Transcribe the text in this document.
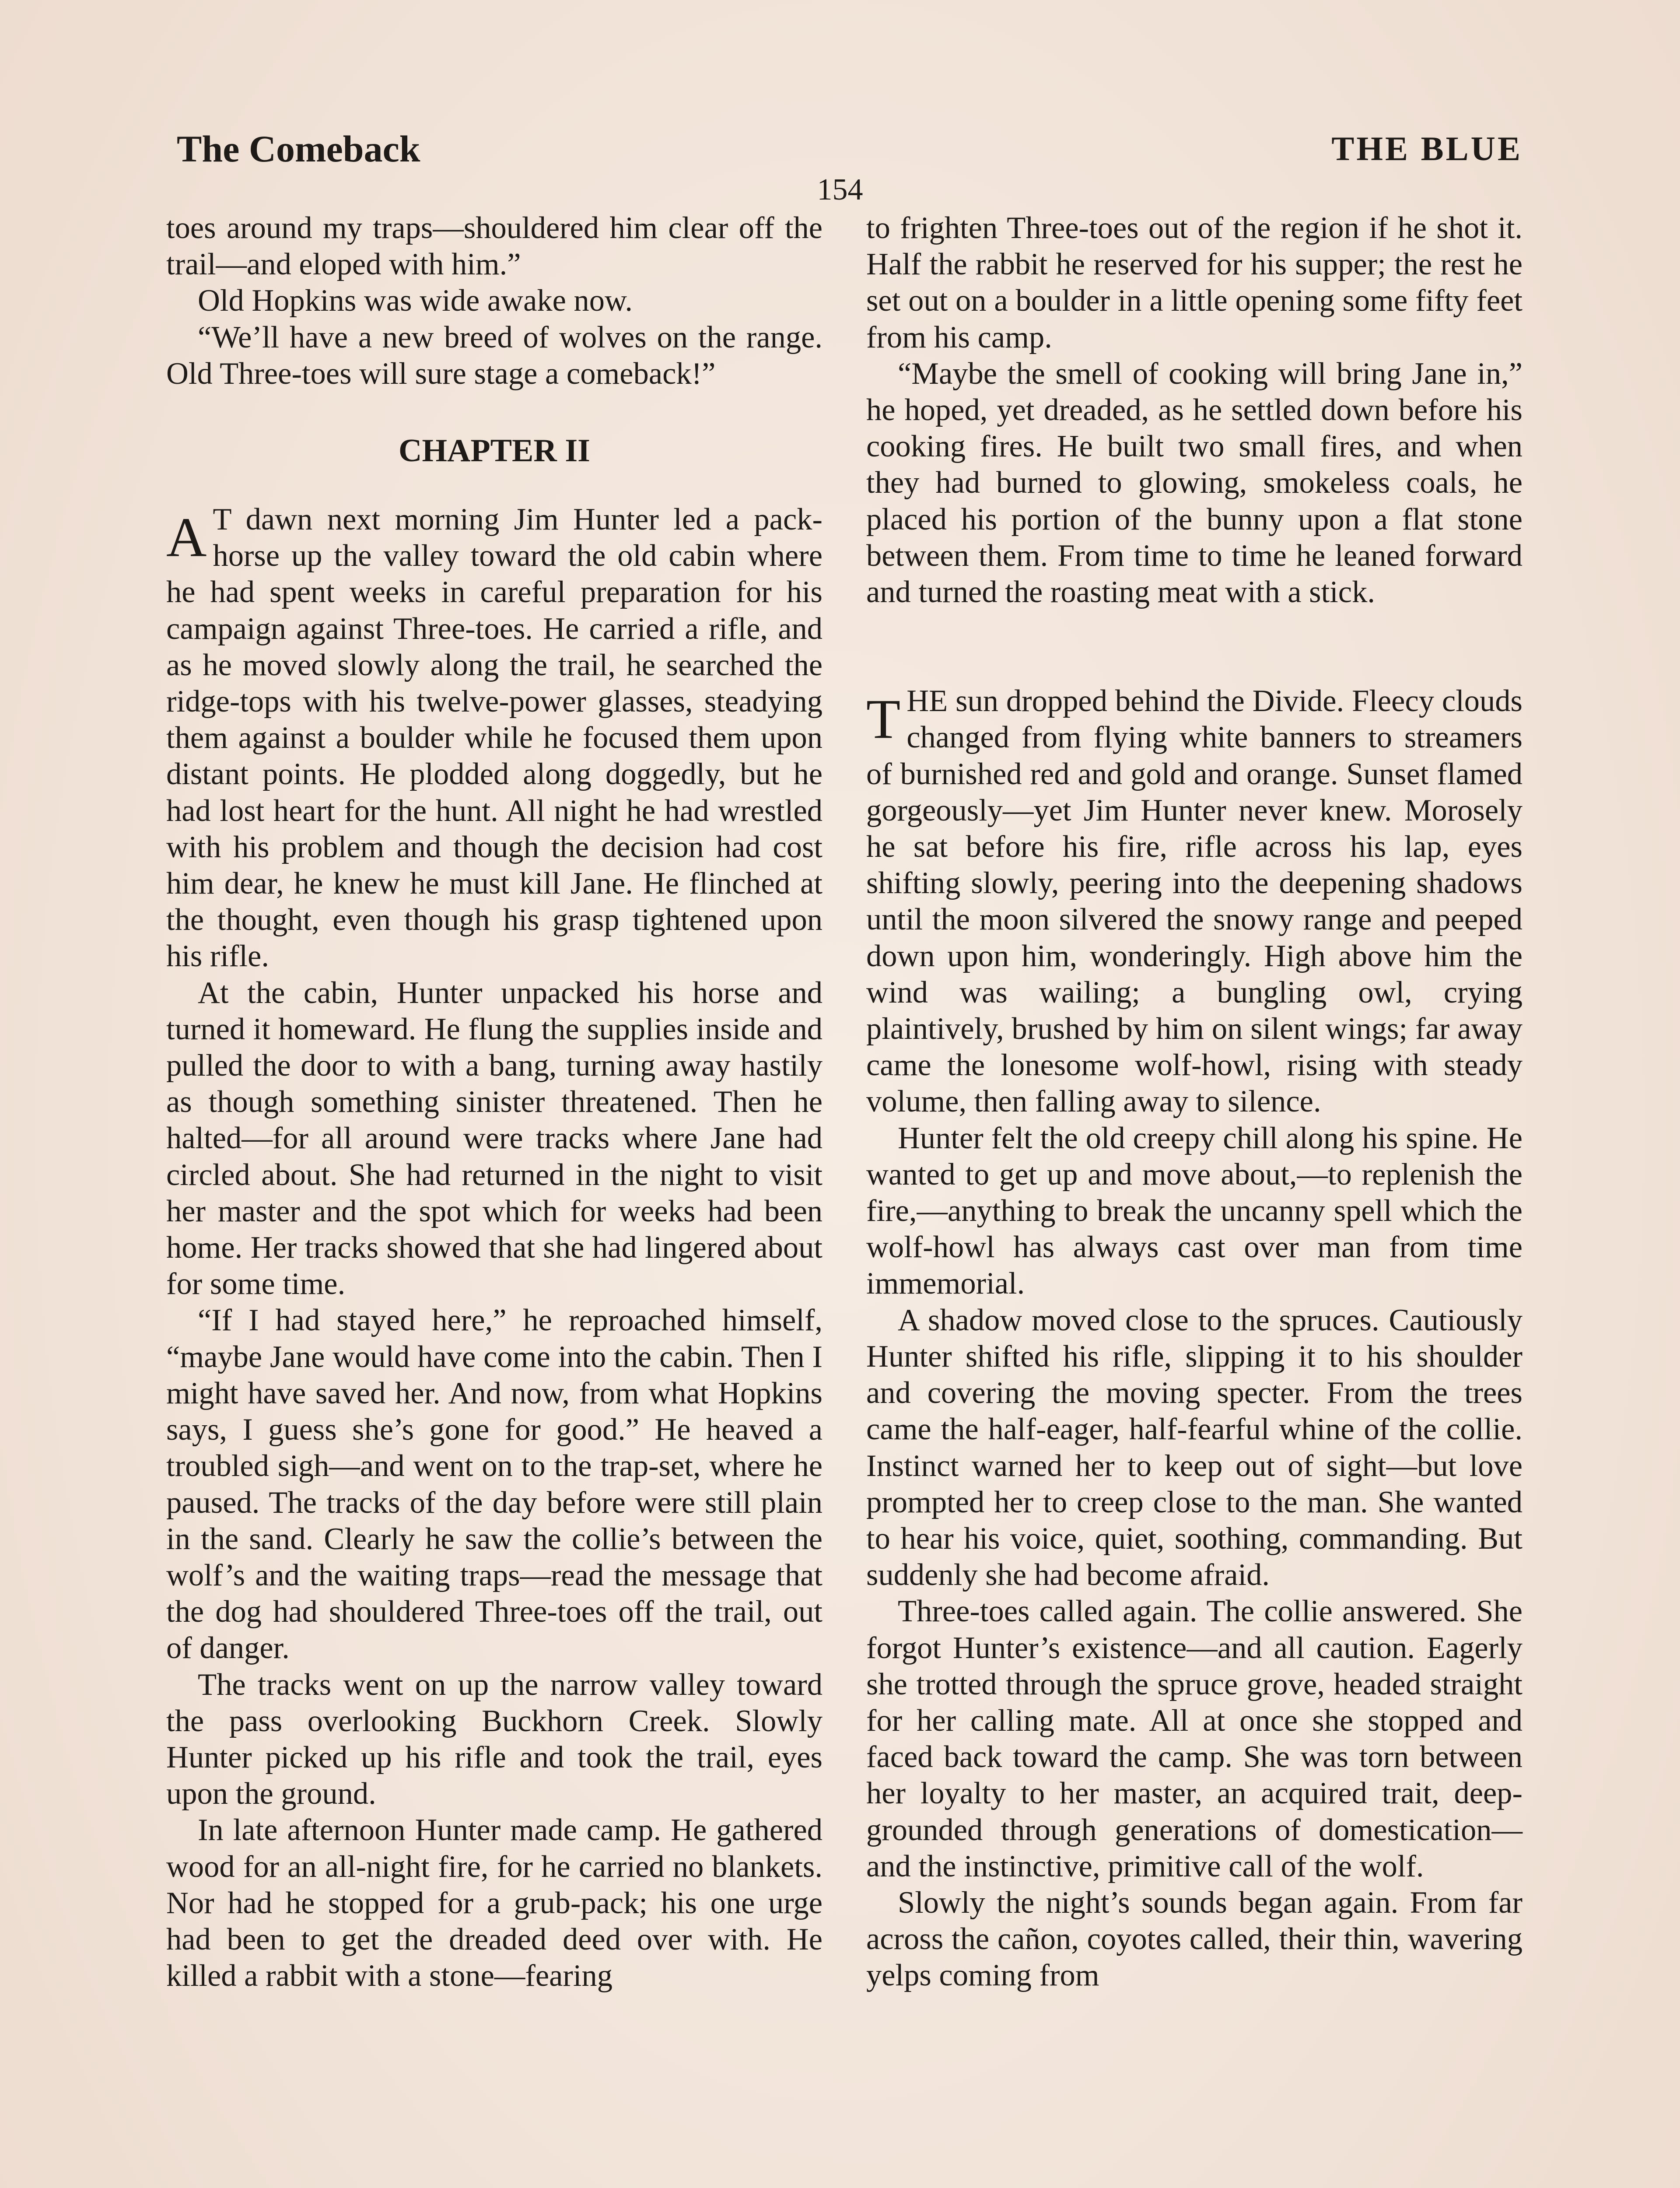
The Comeback	THE BLUE
154

toes around my traps—shouldered him clear off the trail—and eloped with him.”

Old Hopkins was wide awake now.

“We’ll have a new breed of wolves on the range. Old Three-toes will sure stage a comeback!”

CHAPTER II

A T dawn next morning Jim Hunter led a pack-horse up the valley toward the old cabin where he had spent weeks in careful preparation for his campaign against Three-toes. He carried a rifle, and as he moved slowly along the trail, he searched the ridge-tops with his twelve-power glasses, steadying them against a boulder while he focused them upon distant points. He plodded along doggedly, but he had lost heart for the hunt. All night he had wrestled with his problem and though the decision had cost him dear, he knew he must kill Jane. He flinched at the thought, even though his grasp tightened upon his rifle.

At the cabin, Hunter unpacked his horse and turned it homeward. He flung the supplies inside and pulled the door to with a bang, turning away hastily as though something sinister threatened. Then he halted—for all around were tracks where Jane had circled about. She had returned in the night to visit her master and the spot which for weeks had been home. Her tracks showed that she had lingered about for some time.

“If I had stayed here,” he reproached himself, “maybe Jane would have come into the cabin. Then I might have saved her. And now, from what Hopkins says, I guess she’s gone for good.” He heaved a troubled sigh—and went on to the trap-set, where he paused. The tracks of the day before were still plain in the sand. Clearly he saw the collie’s between the wolf’s and the waiting traps—read the message that the dog had shouldered Three-toes off the trail, out of danger.

The tracks went on up the narrow valley toward the pass overlooking Buckhorn Creek. Slowly Hunter picked up his rifle and took the trail, eyes upon the ground.

In late afternoon Hunter made camp. He gathered wood for an all-night fire, for he carried no blankets. Nor had he stopped for a grub-pack; his one urge had been to get the dreaded deed over with. He killed a rabbit with a stone—fearing

to frighten Three-toes out of the region if he shot it. Half the rabbit he reserved for his supper; the rest he set out on a boulder in a little opening some fifty feet from his camp.

“Maybe the smell of cooking will bring Jane in,” he hoped, yet dreaded, as he settled down before his cooking fires. He built two small fires, and when they had burned to glowing, smokeless coals, he placed his portion of the bunny upon a flat stone between them. From time to time he leaned forward and turned the roasting meat with a stick.

THE sun dropped behind the Divide. Fleecy clouds changed from flying white banners to streamers of burnished red and gold and orange. Sunset flamed gorgeously—yet Jim Hunter never knew. Morosely he sat before his fire, rifle across his lap, eyes shifting slowly, peering into the deepening shadows until the moon silvered the snowy range and peeped down upon him, wonderingly. High above him the wind was wailing; a bungling owl, crying plaintively, brushed by him on silent wings; far away came the lonesome wolf-howl, rising with steady volume, then falling away to silence.

Hunter felt the old creepy chill along his spine. He wanted to get up and move about,—to replenish the fire,—anything to break the uncanny spell which the wolf-howl has always cast over man from time immemorial.

A shadow moved close to the spruces. Cautiously Hunter shifted his rifle, slipping it to his shoulder and covering the moving specter. From the trees came the half-eager, half-fearful whine of the collie. Instinct warned her to keep out of sight—but love prompted her to creep close to the man. She wanted to hear his voice, quiet, soothing, commanding. But suddenly she had become afraid.

Three-toes called again. The collie answered. She forgot Hunter’s existence—and all caution. Eagerly she trotted through the spruce grove, headed straight for her calling mate. All at once she stopped and faced back toward the camp. She was torn between her loyalty to her master, an acquired trait, deep-grounded through generations of domestication—and the instinctive, primitive call of the wolf.

Slowly the night’s sounds began again. From far across the cañon, coyotes called, their thin, wavering yelps coming from
